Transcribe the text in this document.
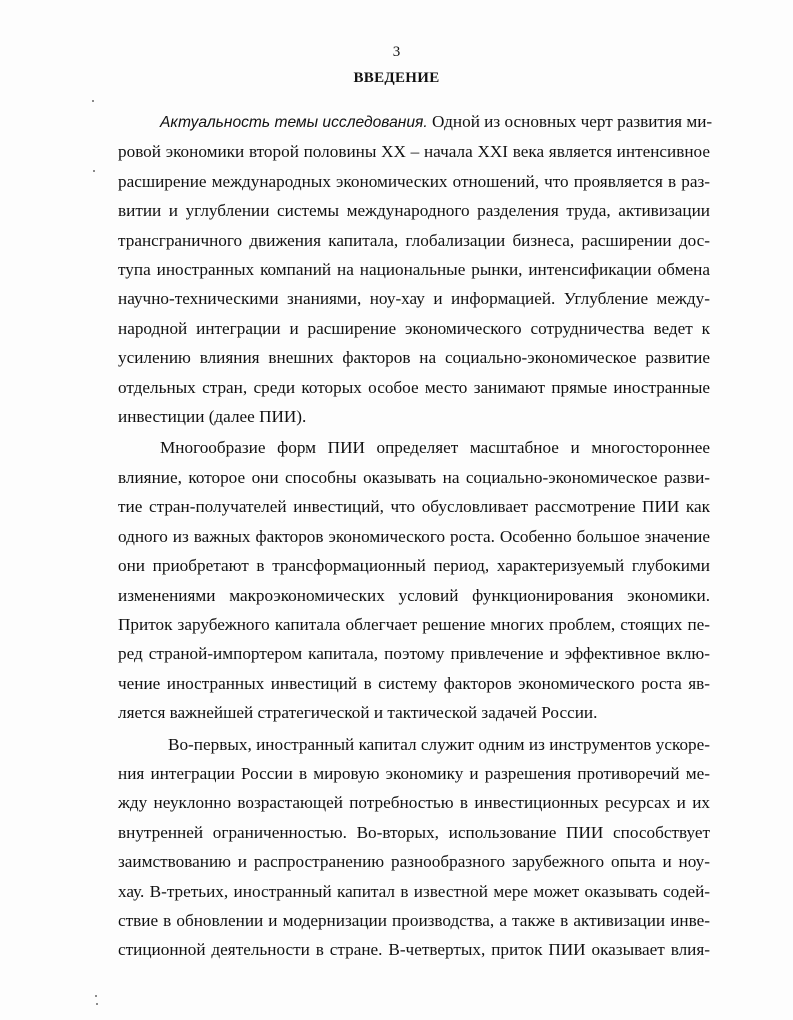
3
ВВЕДЕНИЕ
Актуальность темы исследования. Одной из основных черт развития ми-
ровой экономики второй половины XX – начала XXI века является интенсивное
расширение международных экономических отношений, что проявляется в раз-
витии и углублении системы международного разделения труда, активизации
трансграничного движения капитала, глобализации бизнеса, расширении дос-
тупа иностранных компаний на национальные рынки, интенсификации обмена
научно-техническими знаниями, ноу-хау и информацией. Углубление между-
народной интеграции и расширение экономического сотрудничества ведет к
усилению влияния внешних факторов на социально-экономическое развитие
отдельных стран, среди которых особое место занимают прямые иностранные
инвестиции (далее ПИИ).
Многообразие форм ПИИ определяет масштабное и многостороннее
влияние, которое они способны оказывать на социально-экономическое разви-
тие стран-получателей инвестиций, что обусловливает рассмотрение ПИИ как
одного из важных факторов экономического роста. Особенно большое значение
они приобретают в трансформационный период, характеризуемый глубокими
изменениями макроэкономических условий функционирования экономики.
Приток зарубежного капитала облегчает решение многих проблем, стоящих пе-
ред страной-импортером капитала, поэтому привлечение и эффективное вклю-
чение иностранных инвестиций в систему факторов экономического роста яв-
ляется важнейшей стратегической и тактической задачей России.
Во-первых, иностранный капитал служит одним из инструментов ускоре-
ния интеграции России в мировую экономику и разрешения противоречий ме-
жду неуклонно возрастающей потребностью в инвестиционных ресурсах и их
внутренней ограниченностью. Во-вторых, использование ПИИ способствует
заимствованию и распространению разнообразного зарубежного опыта и ноу-
хау. В-третьих, иностранный капитал в известной мере может оказывать содей-
ствие в обновлении и модернизации производства, а также в активизации инве-
стиционной деятельности в стране. В-четвертых, приток ПИИ оказывает влия-
